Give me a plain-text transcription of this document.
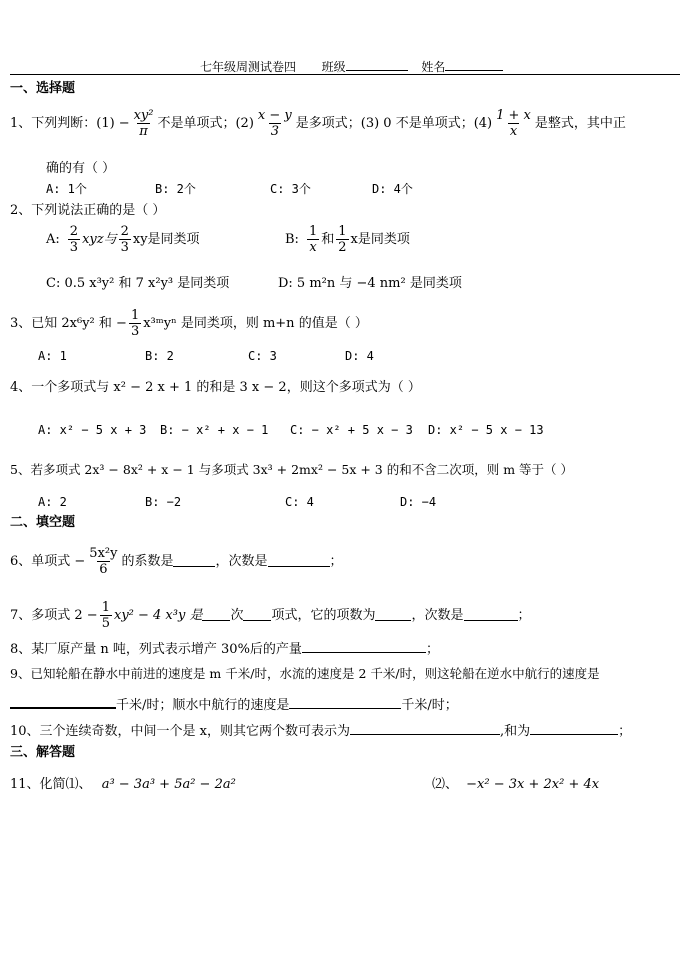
七年级周测试卷四 班级	姓名
一、选择题
1、下列判断：$(1) - \frac{\text{xy²}}{\pi}$ 不是单项式；$(2) \frac{x - y}{3}$ 是多项式；(3) 0 不是单项式；$(4) \frac{1 + x}{x}$ 是整式，其中正
确的有（ ）
A: 1个	B: 2个	C: 3个	D: 4个
2、下列说法正确的是（ ）
A: $\frac{2}{3}$ xyz与 $\frac{2}{3}$ xy是同类项	B: $\frac{1}{x}$ 和 $\frac{1}{2}$ x是同类项
C: 0.5 x³y² 和 7 x²y³ 是同类项	D: 5 m²n 与 −4 nm² 是同类项
3、已知 2x⁶y² 和 − $\frac{1}{3}$ x³ᵐyⁿ 是同类项，则 m+n 的值是（ ）
A: 1	B: 2	C: 3	D: 4
4、一个多项式与 x² − 2 x + 1 的和是 3 x − 2，则这个多项式为（ ）
A: x² − 5 x + 3 B: − x² + x − 1 C: − x² + 5 x − 3 D: x² − 5 x − 13
5、若多项式 2x³ − 8x² + x − 1 与多项式 3x³ + 2mx² − 5x + 3 的和不含二次项，则 m 等于（ ）
A: 2	B: −2	C: 4	D: −4
二、填空题
6、单项式 − $\frac{\text{5x²y}}{6}$ 的系数是	，次数是	；
7、多项式 $2 - \frac{1}{5} xy^2 - 4$ x³y 是 次 项式，它的项数为	，次数是	；
8、某厂原产量 n 吨，列式表示增产 30%后的产量	；
9、已知轮船在静水中前进的速度是 m 千米/时，水流的速度是 2 千米/时，则这轮船在逆水中航行的速度是
千米/时；顺水中航行的速度是	千米/时；
10、三个连续奇数，中间一个是 x，则其它两个数可表示为	,和为	；
三、解答题
11、化简⑴、 a³ − 3a³ + 5a² − 2a²	⑵、 −x² − 3x + 2x² + 4x
